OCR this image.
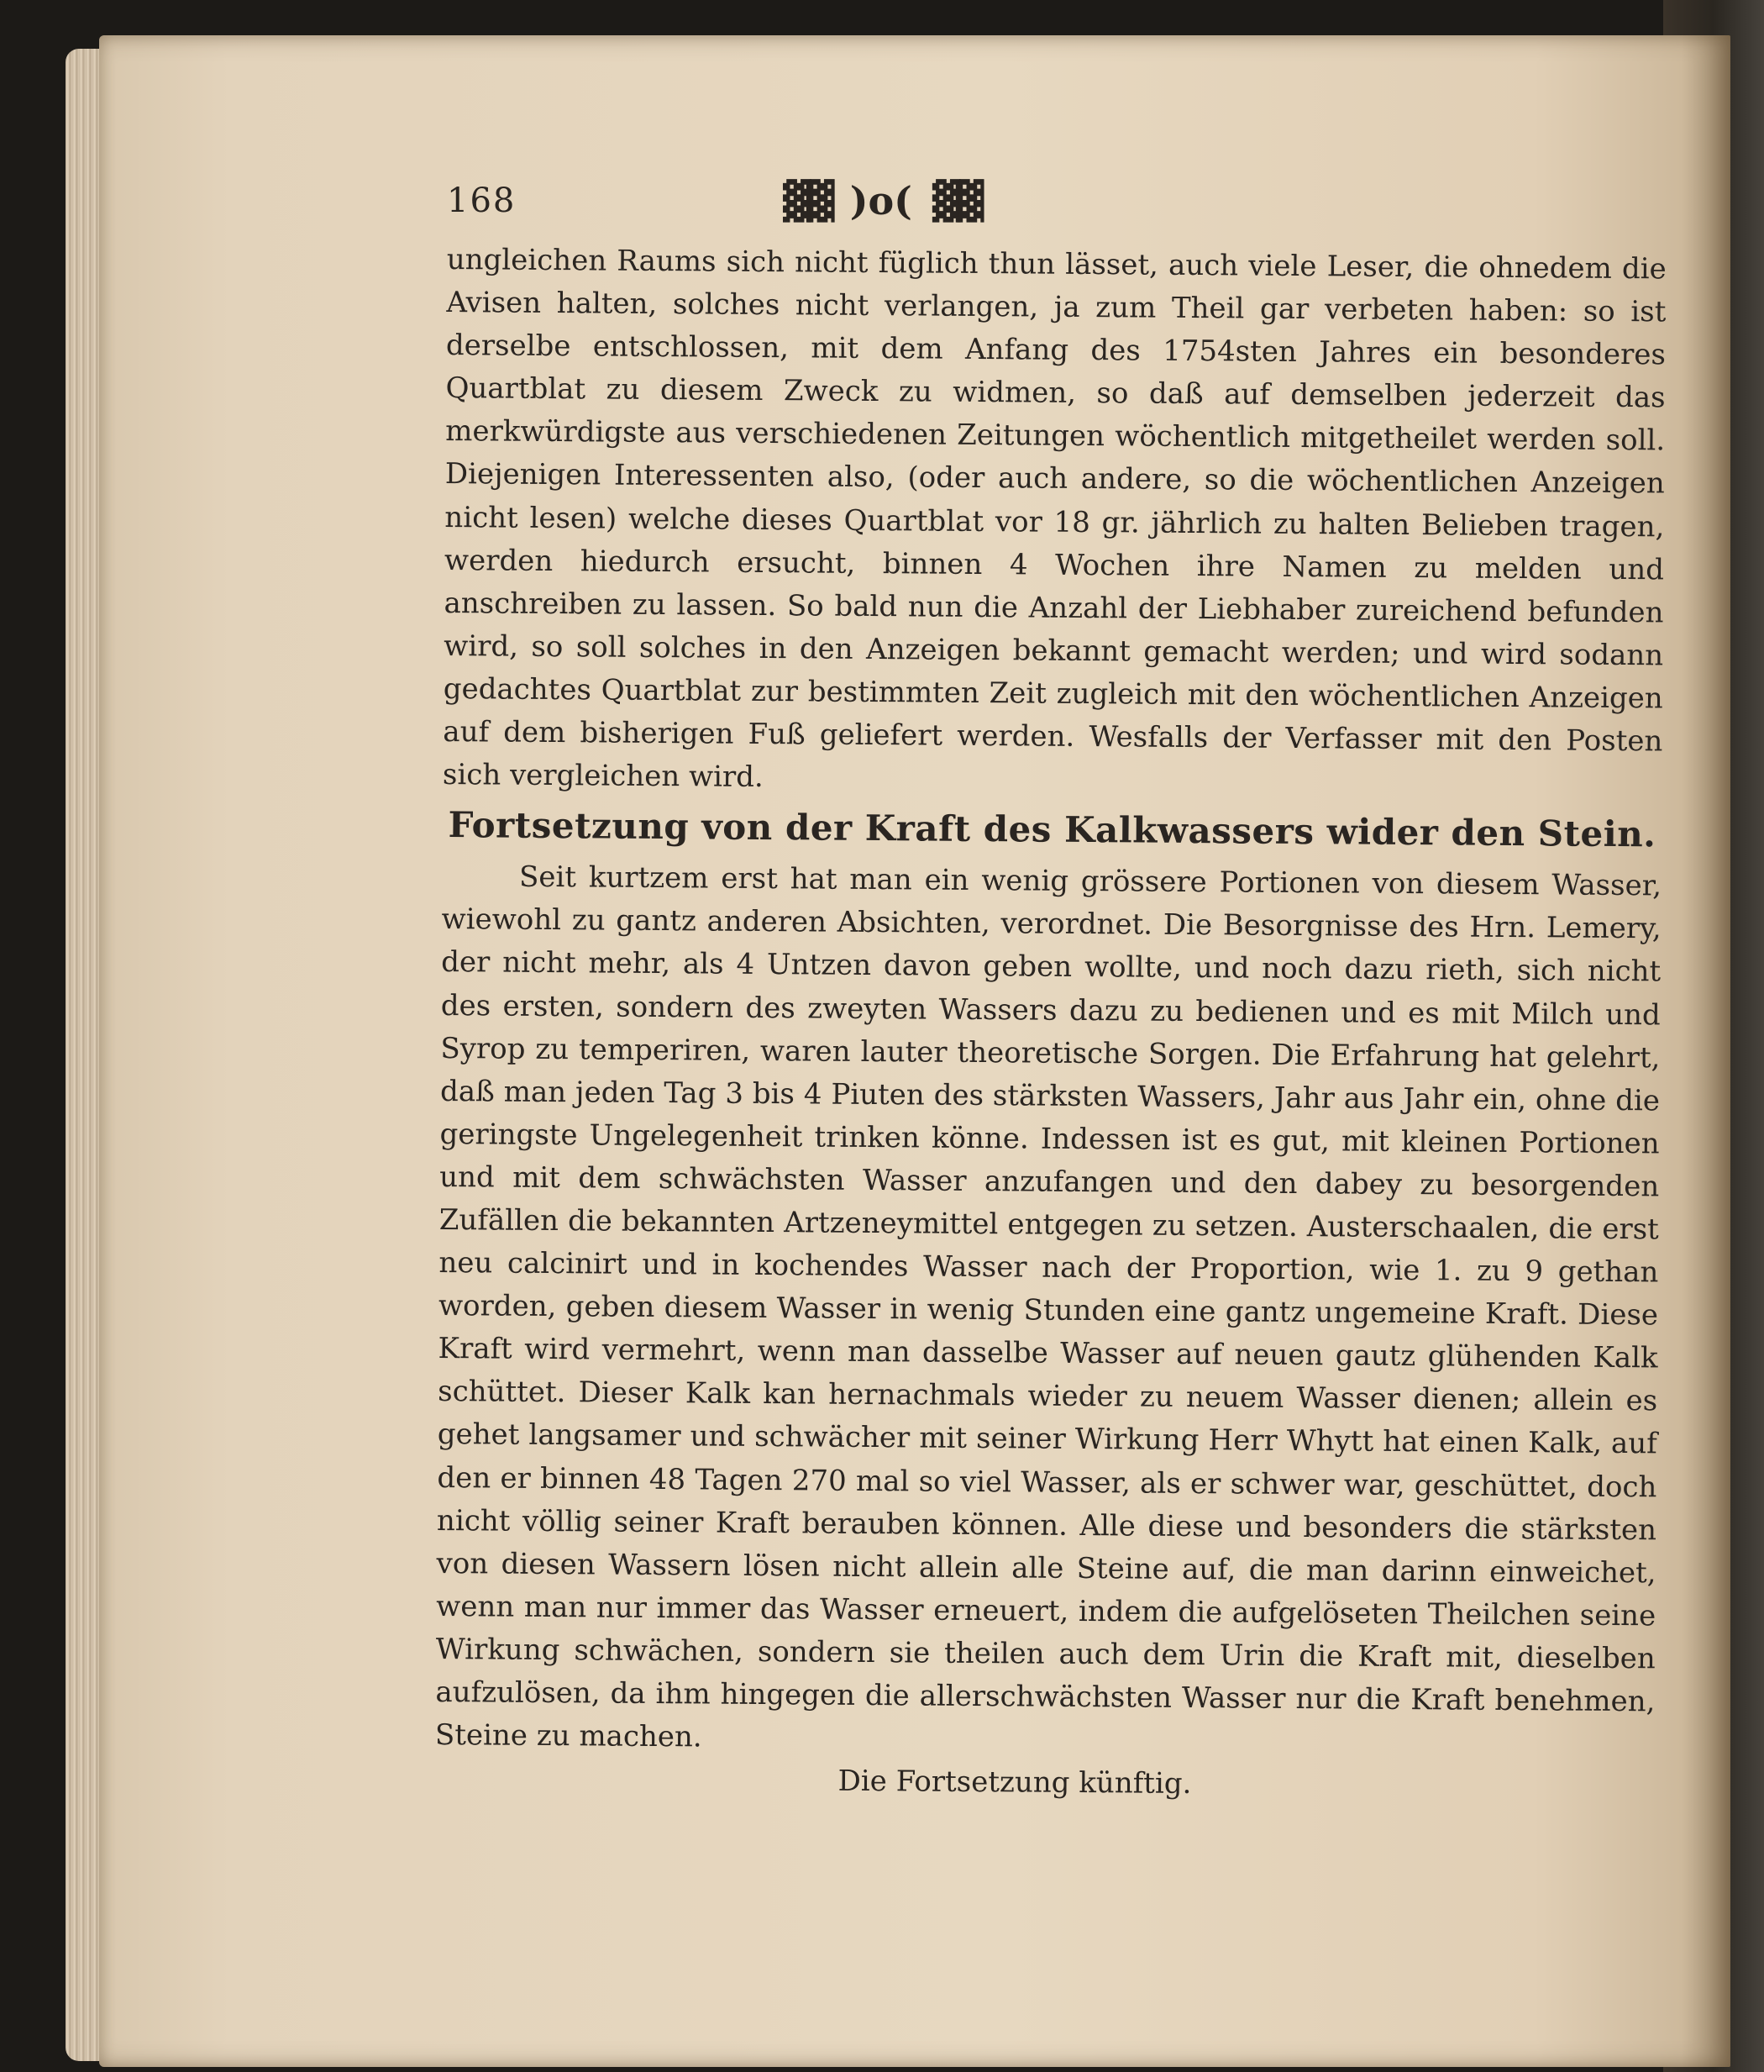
168	▓▓ )o( ▓▓

ungleichen Raums sich nicht füglich thun lässet, auch viele Leser, die ohnedem die Avisen halten, solches nicht verlangen, ja zum Theil gar verbeten haben: so ist derselbe entschlossen, mit dem Anfang des 1754sten Jahres ein besonderes Quartblat zu diesem Zweck zu widmen, so daß auf demselben jederzeit das merkwürdigste aus verschiedenen Zeitungen wöchentlich mitgetheilet werden soll. Diejenigen Interessenten also, (oder auch andere, so die wöchentlichen Anzeigen nicht lesen) welche dieses Quartblat vor 18 gr. jährlich zu halten Belieben tragen, werden hiedurch ersucht, binnen 4 Wochen ihre Namen zu melden und anschreiben zu lassen. So bald nun die Anzahl der Liebhaber zureichend befunden wird, so soll solches in den Anzeigen bekannt gemacht werden; und wird sodann gedachtes Quartblat zur bestimmten Zeit zugleich mit den wöchentlichen Anzeigen auf dem bisherigen Fuß geliefert werden. Wesfalls der Verfasser mit den Posten sich vergleichen wird.

Fortsetzung von der Kraft des Kalkwassers wider den Stein.

Seit kurtzem erst hat man ein wenig grössere Portionen von diesem Wasser, wiewohl zu gantz anderen Absichten, verordnet. Die Besorgnisse des Hrn. Lemery, der nicht mehr, als 4 Untzen davon geben wollte, und noch dazu rieth, sich nicht des ersten, sondern des zweyten Wassers dazu zu bedienen und es mit Milch und Syrop zu temperiren, waren lauter theoretische Sorgen. Die Erfahrung hat gelehrt, daß man jeden Tag 3 bis 4 Piuten des stärksten Wassers, Jahr aus Jahr ein, ohne die geringste Ungelegenheit trinken könne. Indessen ist es gut, mit kleinen Portionen und mit dem schwächsten Wasser anzufangen und den dabey zu besorgenden Zufällen die bekannten Artzeneymittel entgegen zu setzen. Austerschaalen, die erst neu calcinirt und in kochendes Wasser nach der Proportion, wie 1. zu 9 gethan worden, geben diesem Wasser in wenig Stunden eine gantz ungemeine Kraft. Diese Kraft wird vermehrt, wenn man dasselbe Wasser auf neuen gautz glühenden Kalk schüttet. Dieser Kalk kan hernachmals wieder zu neuem Wasser dienen; allein es gehet langsamer und schwächer mit seiner Wirkung Herr Whytt hat einen Kalk, auf den er binnen 48 Tagen 270 mal so viel Wasser, als er schwer war, geschüttet, doch nicht völlig seiner Kraft berauben können. Alle diese und besonders die stärksten von diesen Wassern lösen nicht allein alle Steine auf, die man darinn einweichet, wenn man nur immer das Wasser erneuert, indem die aufgelöseten Theilchen seine Wirkung schwächen, sondern sie theilen auch dem Urin die Kraft mit, dieselben aufzulösen, da ihm hingegen die allerschwächsten Wasser nur die Kraft benehmen, Steine zu machen.

Die Fortsetzung künftig.
